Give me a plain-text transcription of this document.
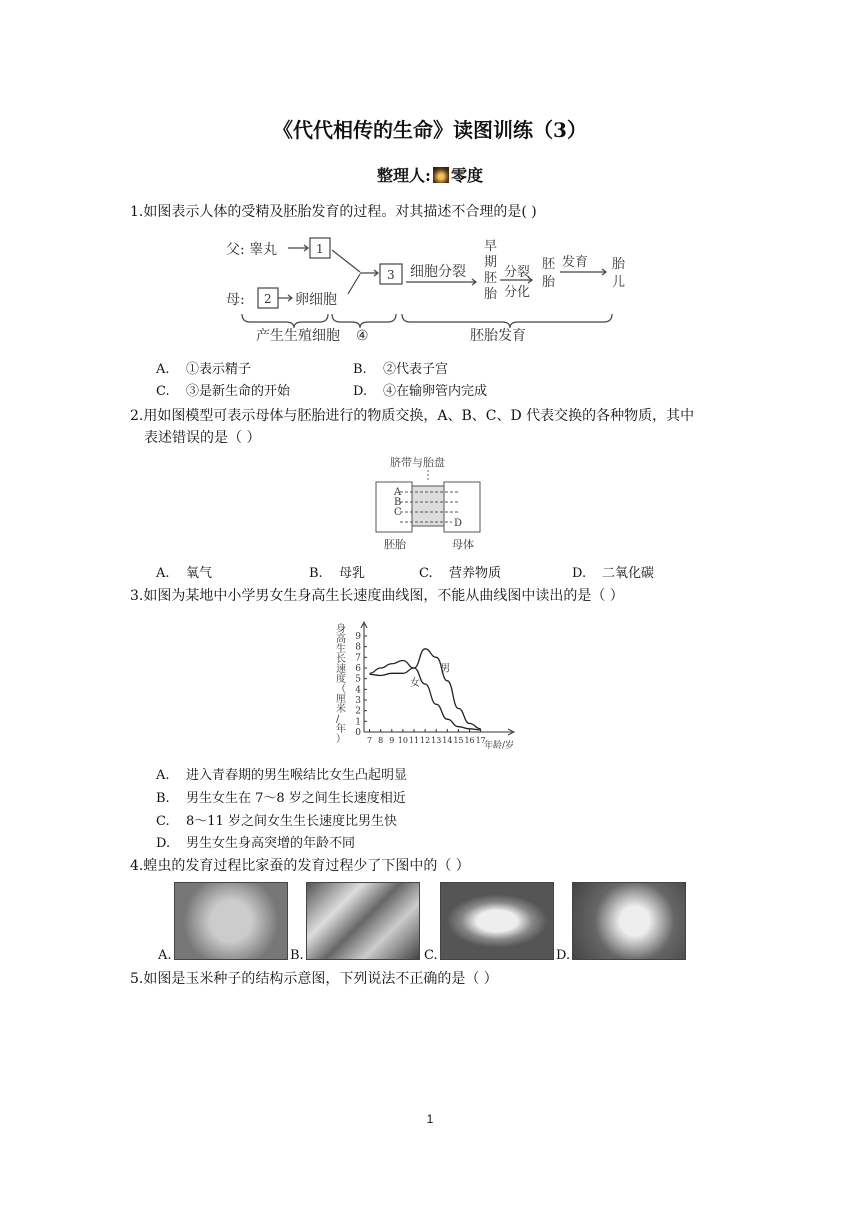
《代代相传的生命》读图训练（3）
整理人: 零度
1.如图表示人体的受精及胚胎发育的过程。对其描述不合理的是( )
父: 睾丸
母:	卵细胞
细胞分裂	分裂
分化
发育
产生生殖细胞 ④	胚胎发育
早
期
胚
胎
胚
胎
胎
儿
1
2
3
A. ①表示精子	B. ②代表子宫
C. ③是新生命的开始	D. ④在输卵管内完成
2.用如图模型可表示母体与胚胎进行的物质交换，A、B、C、D 代表交换的各种物质，其中
表述错误的是（ ）
脐带与胎盘
A
B
C
D
胚胎	母体
A. 氧气	B. 母乳	C. 营养物质	D. 二氧化碳
3.如图为某地中小学男女生身高生长速度曲线图，不能从曲线图中读出的是（ ）
身
高
生
长
速
度
（
厘
米
/
年
）
0
1
2
3
4
5
6
7
8
9
7 8 9 10 11 12 13 14 15 16 17
男
女
年龄/岁
A. 进入青春期的男生喉结比女生凸起明显
B. 男生女生在 7～8 岁之间生长速度相近
C. 8～11 岁之间女生生长速度比男生快
D. 男生女生身高突增的年龄不同
4.蝗虫的发育过程比家蚕的发育过程少了下图中的（ ）
A.	B.	C.	D.
5.如图是玉米种子的结构示意图，下列说法不正确的是（ ）
1
